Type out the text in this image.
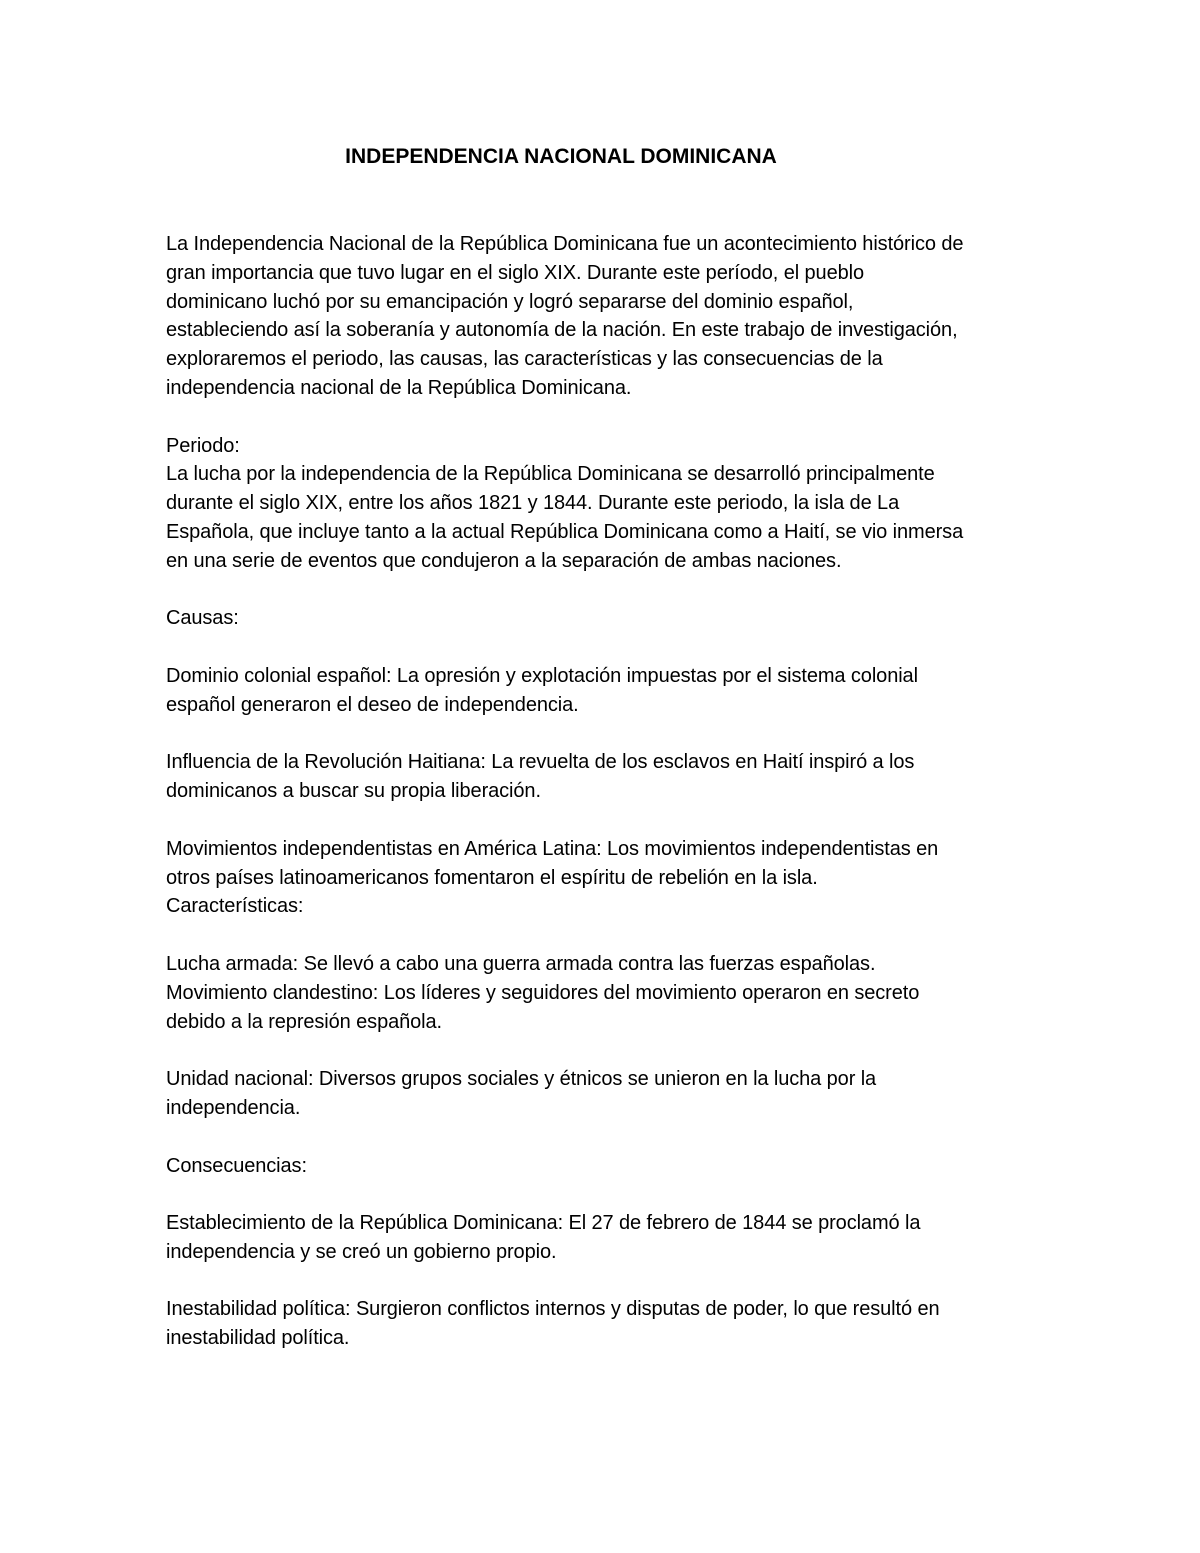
INDEPENDENCIA NACIONAL DOMINICANA
La Independencia Nacional de la República Dominicana fue un acontecimiento histórico de
gran importancia que tuvo lugar en el siglo XIX. Durante este período, el pueblo
dominicano luchó por su emancipación y logró separarse del dominio español,
estableciendo así la soberanía y autonomía de la nación. En este trabajo de investigación,
exploraremos el periodo, las causas, las características y las consecuencias de la
independencia nacional de la República Dominicana.
Periodo:
La lucha por la independencia de la República Dominicana se desarrolló principalmente
durante el siglo XIX, entre los años 1821 y 1844. Durante este periodo, la isla de La
Española, que incluye tanto a la actual República Dominicana como a Haití, se vio inmersa
en una serie de eventos que condujeron a la separación de ambas naciones.
Causas:
Dominio colonial español: La opresión y explotación impuestas por el sistema colonial
español generaron el deseo de independencia.
Influencia de la Revolución Haitiana: La revuelta de los esclavos en Haití inspiró a los
dominicanos a buscar su propia liberación.
Movimientos independentistas en América Latina: Los movimientos independentistas en
otros países latinoamericanos fomentaron el espíritu de rebelión en la isla.
Características:
Lucha armada: Se llevó a cabo una guerra armada contra las fuerzas españolas.
Movimiento clandestino: Los líderes y seguidores del movimiento operaron en secreto
debido a la represión española.
Unidad nacional: Diversos grupos sociales y étnicos se unieron en la lucha por la
independencia.
Consecuencias:
Establecimiento de la República Dominicana: El 27 de febrero de 1844 se proclamó la
independencia y se creó un gobierno propio.
Inestabilidad política: Surgieron conflictos internos y disputas de poder, lo que resultó en
inestabilidad política.
